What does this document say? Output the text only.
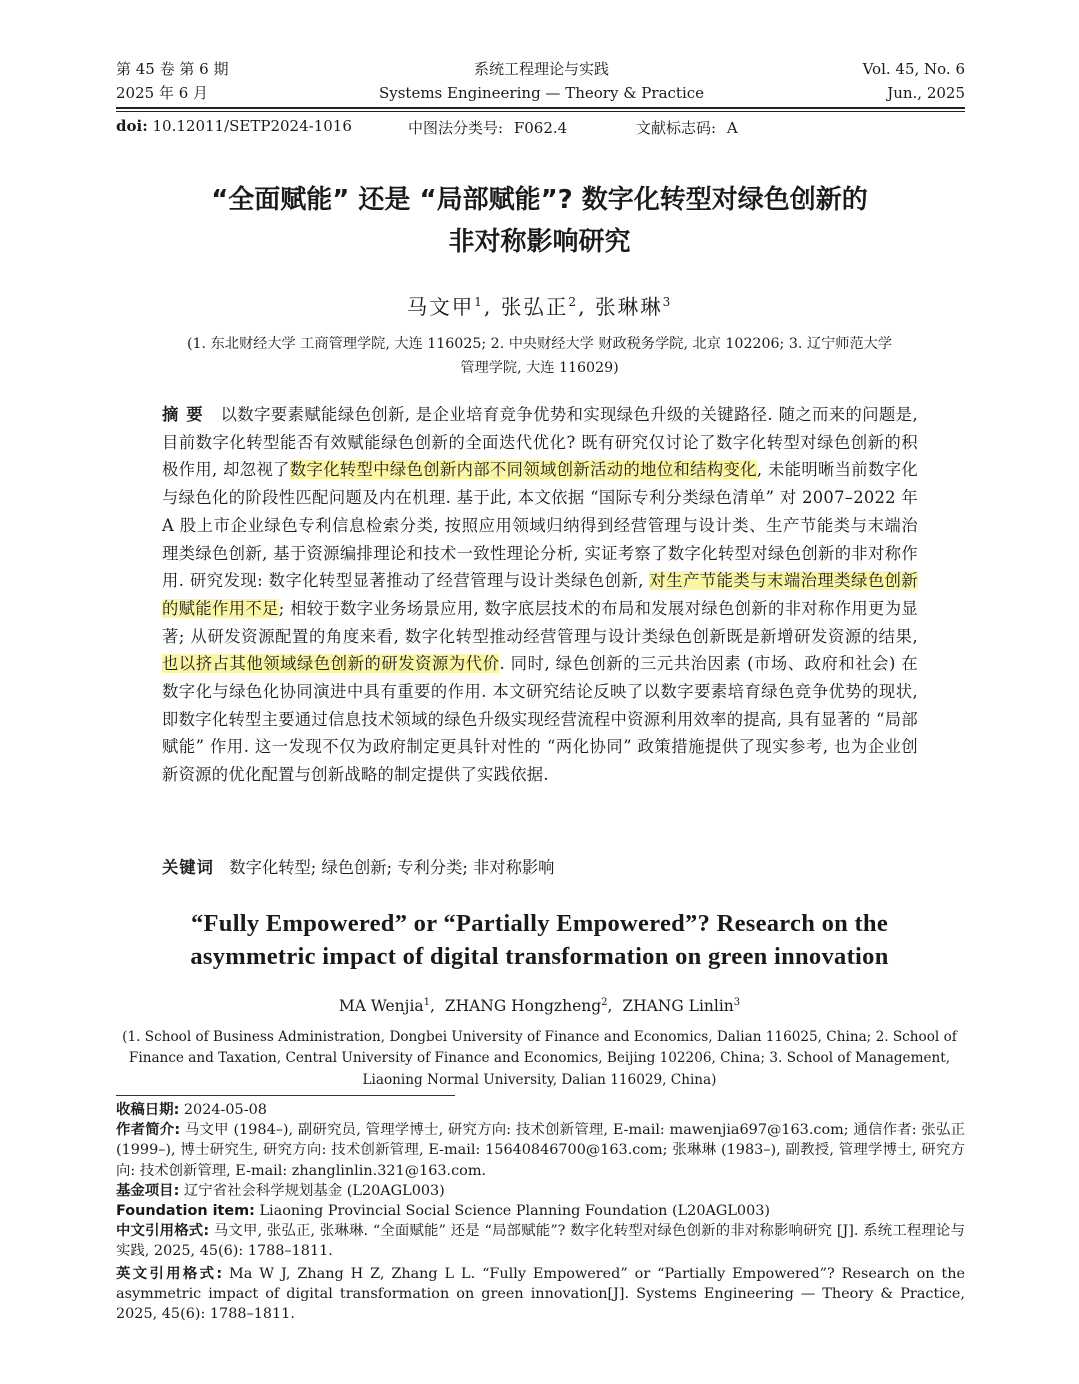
第 45 卷 第 6 期
2025 年 6 月
系统工程理论与实践
Systems Engineering — Theory & Practice
Vol. 45, No. 6
Jun., 2025
doi: 10.12011/SETP2024-1016	中图法分类号: F062.4	文献标志码: A
“全面赋能” 还是 “局部赋能”? 数字化转型对绿色创新的
非对称影响研究
马文甲$^1$, 张弘正$^2$, 张琳琳$^3$
(1. 东北财经大学 工商管理学院, 大连 116025; 2. 中央财经大学 财政税务学院, 北京 102206; 3. 辽宁师范大学
管理学院, 大连 116029)
摘 要 以数字要素赋能绿色创新, 是企业培育竞争优势和实现绿色升级的关键路径. 随之而来的问题是, 目前数字化转型能否有效赋能绿色创新的全面迭代优化? 既有研究仅讨论了数字化转型对绿色创新的积极作用, 却忽视了数字化转型中绿色创新内部不同领域创新活动的地位和结构变化, 未能明晰当前数字化与绿色化的阶段性匹配问题及内在机理. 基于此, 本文依据 “国际专利分类绿色清单” 对 2007–2022 年 A 股上市企业绿色专利信息检索分类, 按照应用领域归纳得到经营管理与设计类、生产节能类与末端治理类绿色创新, 基于资源编排理论和技术一致性理论分析, 实证考察了数字化转型对绿色创新的非对称作用. 研究发现: 数字化转型显著推动了经营管理与设计类绿色创新, 对生产节能类与末端治理类绿色创新的赋能作用不足; 相较于数字业务场景应用, 数字底层技术的布局和发展对绿色创新的非对称作用更为显著; 从研发资源配置的角度来看, 数字化转型推动经营管理与设计类绿色创新既是新增研发资源的结果, 也以挤占其他领域绿色创新的研发资源为代价. 同时, 绿色创新的三元共治因素 (市场、政府和社会) 在数字化与绿色化协同演进中具有重要的作用. 本文研究结论反映了以数字要素培育绿色竞争优势的现状, 即数字化转型主要通过信息技术领域的绿色升级实现经营流程中资源利用效率的提高, 具有显著的 “局部赋能” 作用. 这一发现不仅为政府制定更具针对性的 “两化协同” 政策措施提供了现实参考, 也为企业创新资源的优化配置与创新战略的制定提供了实践依据.
关键词 数字化转型; 绿色创新; 专利分类; 非对称影响
“Fully Empowered” or “Partially Empowered”? Research on the
asymmetric impact of digital transformation on green innovation
MA Wenjia$^1$,  ZHANG Hongzheng$^2$,  ZHANG Linlin$^3$
(1. School of Business Administration, Dongbei University of Finance and Economics, Dalian 116025, China; 2. School of
Finance and Taxation, Central University of Finance and Economics, Beijing 102206, China; 3. School of Management,
Liaoning Normal University, Dalian 116029, China)

收稿日期: 2024-05-08

作者简介: 马文甲 (1984–), 副研究员, 管理学博士, 研究方向: 技术创新管理, E-mail: mawenjia697@163.com; 通信作者: 张弘正 (1999–), 博士研究生, 研究方向: 技术创新管理, E-mail: 15640846700@163.com; 张琳琳 (1983–), 副教授, 管理学博士, 研究方向: 技术创新管理, E-mail: zhanglinlin.321@163.com.

基金项目: 辽宁省社会科学规划基金 (L20AGL003)

Foundation item: Liaoning Provincial Social Science Planning Foundation (L20AGL003)

中文引用格式: 马文甲, 张弘正, 张琳琳. “全面赋能” 还是 “局部赋能”? 数字化转型对绿色创新的非对称影响研究 [J]. 系统工程理论与实践, 2025, 45(6): 1788–1811.

英文引用格式: Ma W J, Zhang H Z, Zhang L L. “Fully Empowered” or “Partially Empowered”? Research on the asymmetric impact of digital transformation on green innovation[J]. Systems Engineering — Theory & Practice, 2025, 45(6): 1788–1811.
